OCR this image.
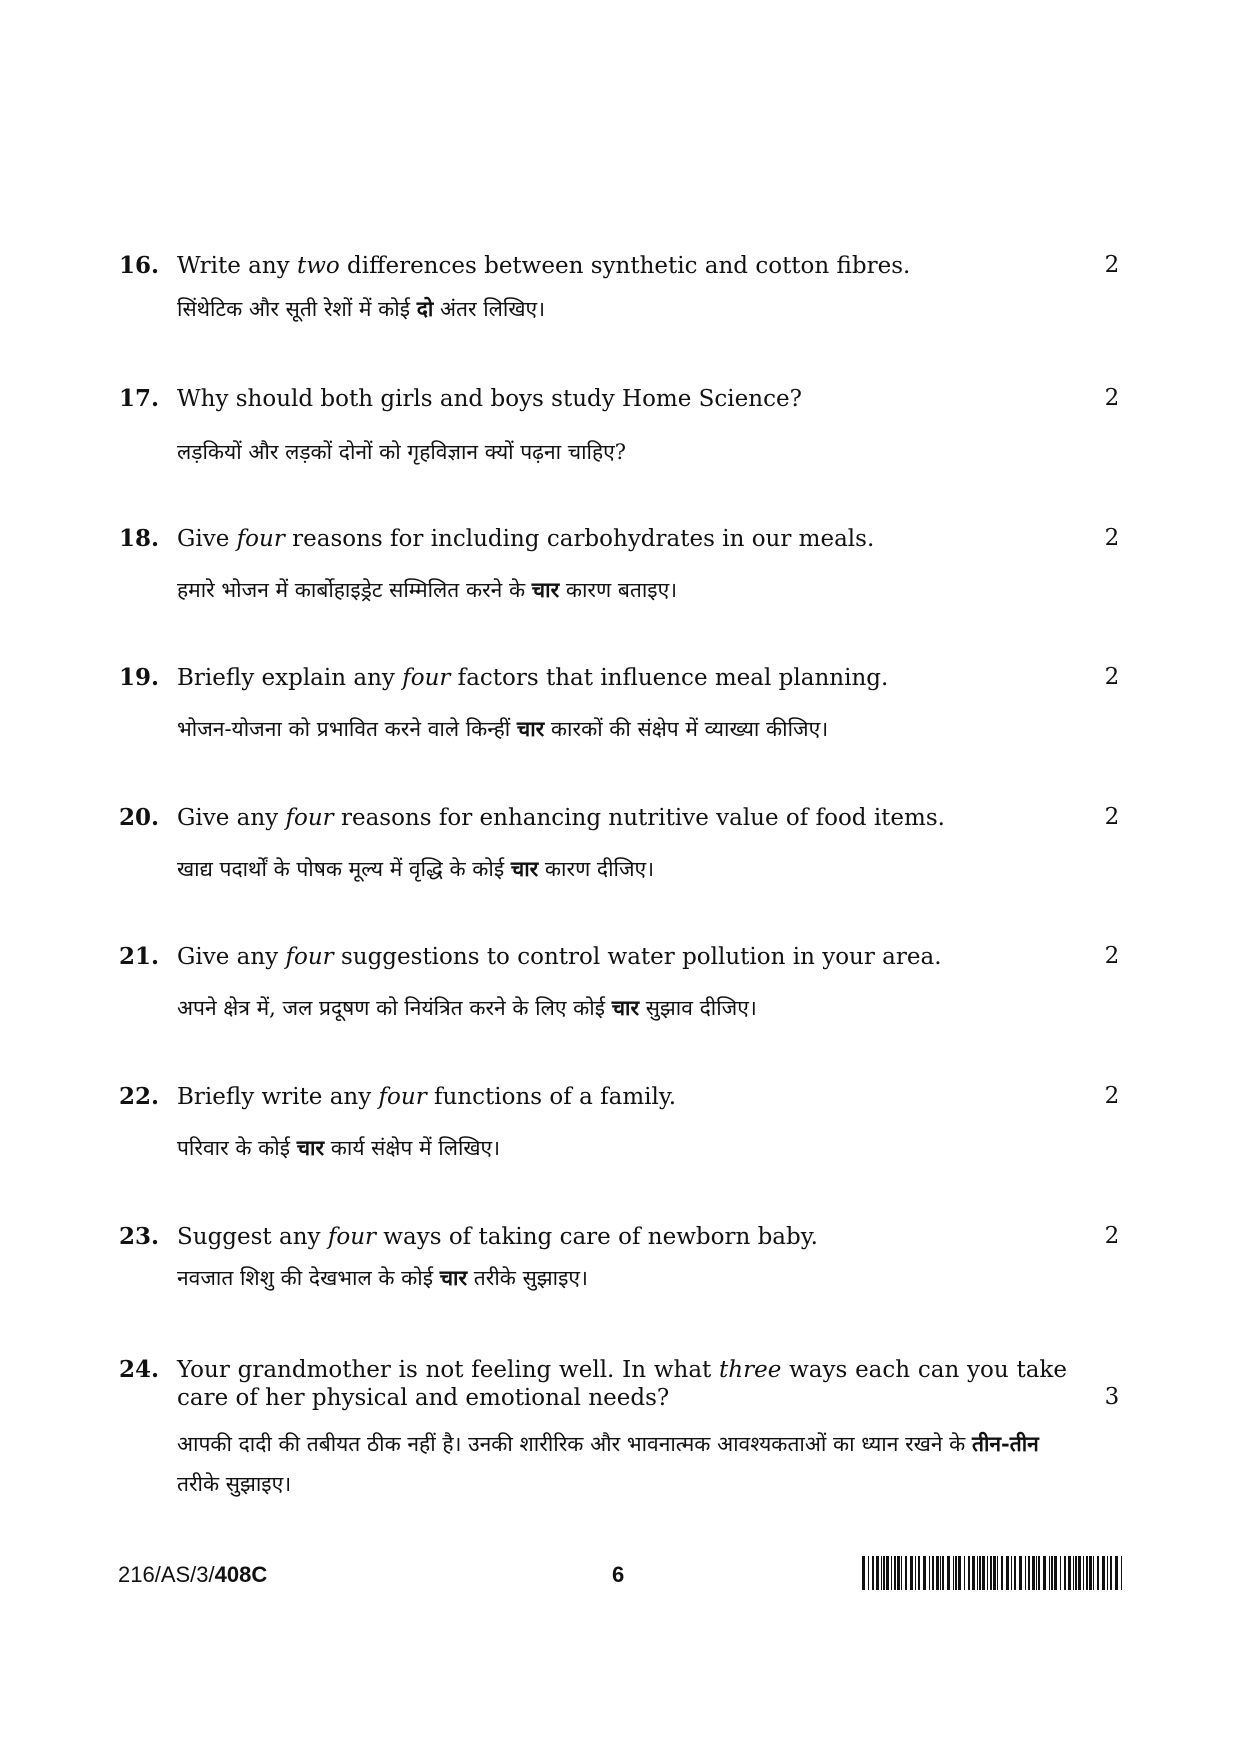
16. Write any two differences between synthetic and cotton fibres.	2
सिंथेटिक और सूती रेशों में कोई दो अंतर लिखिए।
17. Why should both girls and boys study Home Science?	2
लड़कियों और लड़कों दोनों को गृहविज्ञान क्यों पढ़ना चाहिए?
18. Give four reasons for including carbohydrates in our meals.	2
हमारे भोजन में कार्बोहाइड्रेट सम्मिलित करने के चार कारण बताइए।
19. Briefly explain any four factors that influence meal planning.	2
भोजन-योजना को प्रभावित करने वाले किन्हीं चार कारकों की संक्षेप में व्याख्या कीजिए।
20. Give any four reasons for enhancing nutritive value of food items.	2
खाद्य पदार्थों के पोषक मूल्य में वृद्धि के कोई चार कारण दीजिए।
21. Give any four suggestions to control water pollution in your area.	2
अपने क्षेत्र में, जल प्रदूषण को नियंत्रित करने के लिए कोई चार सुझाव दीजिए।
22. Briefly write any four functions of a family.	2
परिवार के कोई चार कार्य संक्षेप में लिखिए।
23. Suggest any four ways of taking care of newborn baby.	2
नवजात शिशु की देखभाल के कोई चार तरीके सुझाइए।
24. Your grandmother is not feeling well. In what three ways each can you take care of her physical and emotional needs?	3
आपकी दादी की तबीयत ठीक नहीं है। उनकी शारीरिक और भावनात्मक आवश्यकताओं का ध्यान रखने के तीन-तीन तरीके सुझाइए।
216/AS/3/408C	6
